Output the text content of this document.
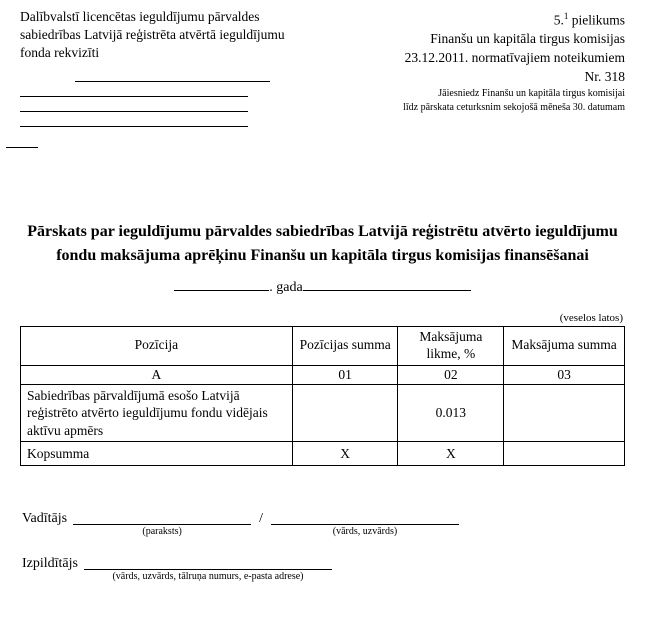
Dalībvalstī licencētas ieguldījumu pārvaldes sabiedrības Latvijā reģistrēta atvērtā ieguldījumu fonda rekvizīti
5.$^1$ pielikums
Finanšu un kapitāla tirgus komisijas
23.12.2011. normatīvajiem noteikumiem
Nr. 318
Jāiesniedz Finanšu un kapitāla tirgus komisijai
līdz pārskata ceturksnim sekojošā mēneša 30. datumam
Pārskats par ieguldījumu pārvaldes sabiedrības Latvijā reģistrētu atvērto ieguldījumu fondu maksājuma aprēķinu Finanšu un kapitāla tirgus komisijas finansēšanai
. gada
(veselos latos)
Pozīcija	Pozīcijas summa	Maksājuma likme, %	Maksājuma summa
A	01	02	03
Sabiedrības pārvaldījumā esošo Latvijā reģistrēto atvērto ieguldījumu fondu vidējais aktīvu apmērs		0.013	
Kopsumma	X	X	
Vadītājs
(paraksts)
/
(vārds, uzvārds)
Izpildītājs
(vārds, uzvārds, tālruņa numurs, e-pasta adrese)
